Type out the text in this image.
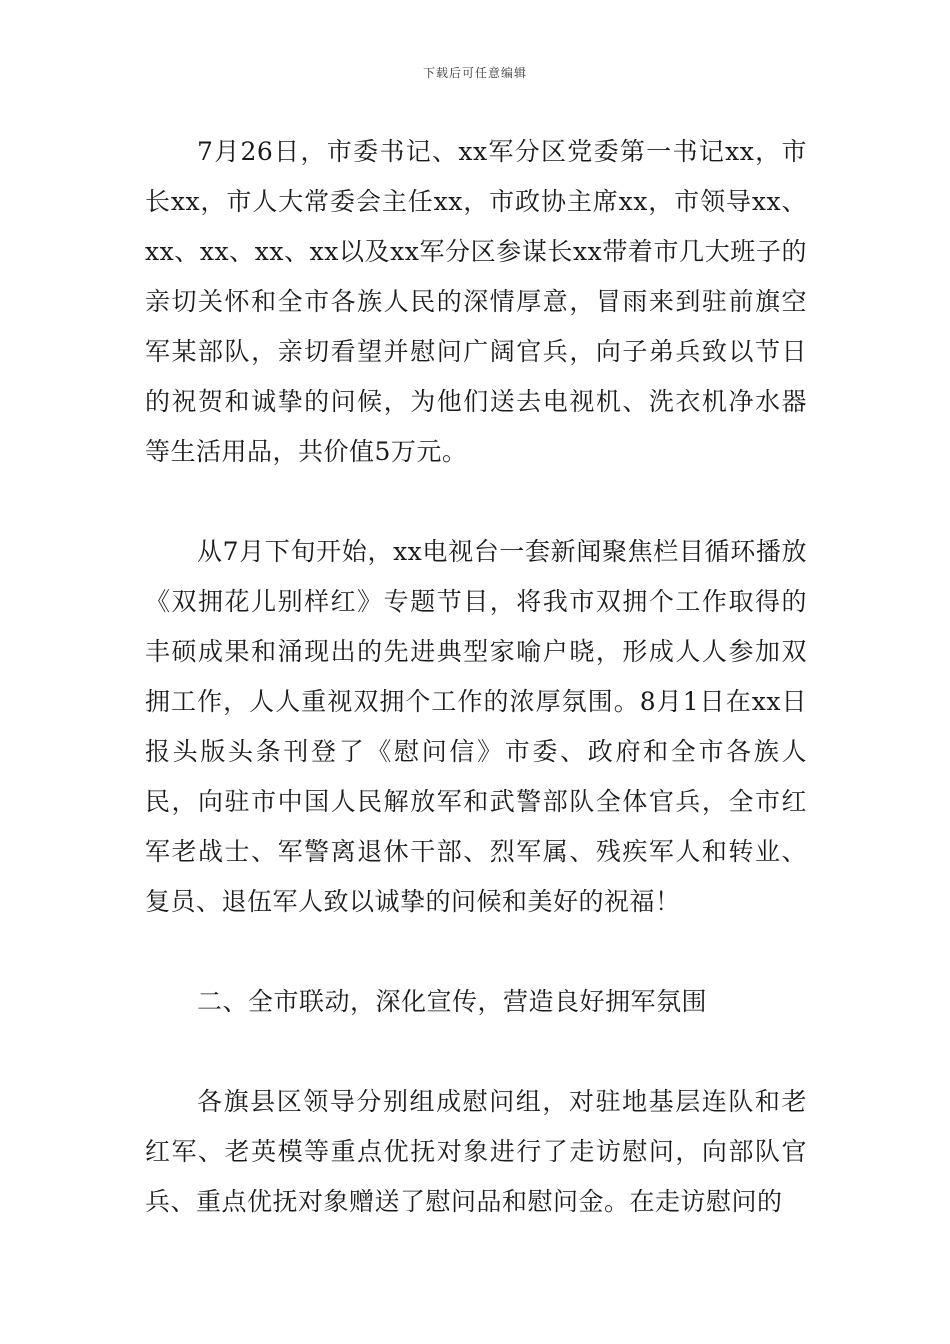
下载后可任意编辑

7月26日，市委书记、xx军分区党委第一书记xx，市长xx，市人大常委会主任xx，市政协主席xx，市领导xx、xx、xx、xx、xx以及xx军分区参谋长xx带着市几大班子的亲切关怀和全市各族人民的深情厚意，冒雨来到驻前旗空军某部队，亲切看望并慰问广阔官兵，向子弟兵致以节日的祝贺和诚挚的问候，为他们送去电视机、洗衣机净水器等生活用品，共价值5万元。

从7月下旬开始，xx电视台一套新闻聚焦栏目循环播放《双拥花儿别样红》专题节目，将我市双拥个工作取得的丰硕成果和涌现出的先进典型家喻户晓，形成人人参加双拥工作，人人重视双拥个工作的浓厚氛围。8月1日在xx日报头版头条刊登了《慰问信》市委、政府和全市各族人民，向驻市中国人民解放军和武警部队全体官兵，全市红军老战士、军警离退休干部、烈军属、残疾军人和转业、复员、退伍军人致以诚挚的问候和美好的祝福！

二、全市联动，深化宣传，营造良好拥军氛围

各旗县区领导分别组成慰问组，对驻地基层连队和老红军、老英模等重点优抚对象进行了走访慰问，向部队官兵、重点优抚对象赠送了慰问品和慰问金。在走访慰问的
